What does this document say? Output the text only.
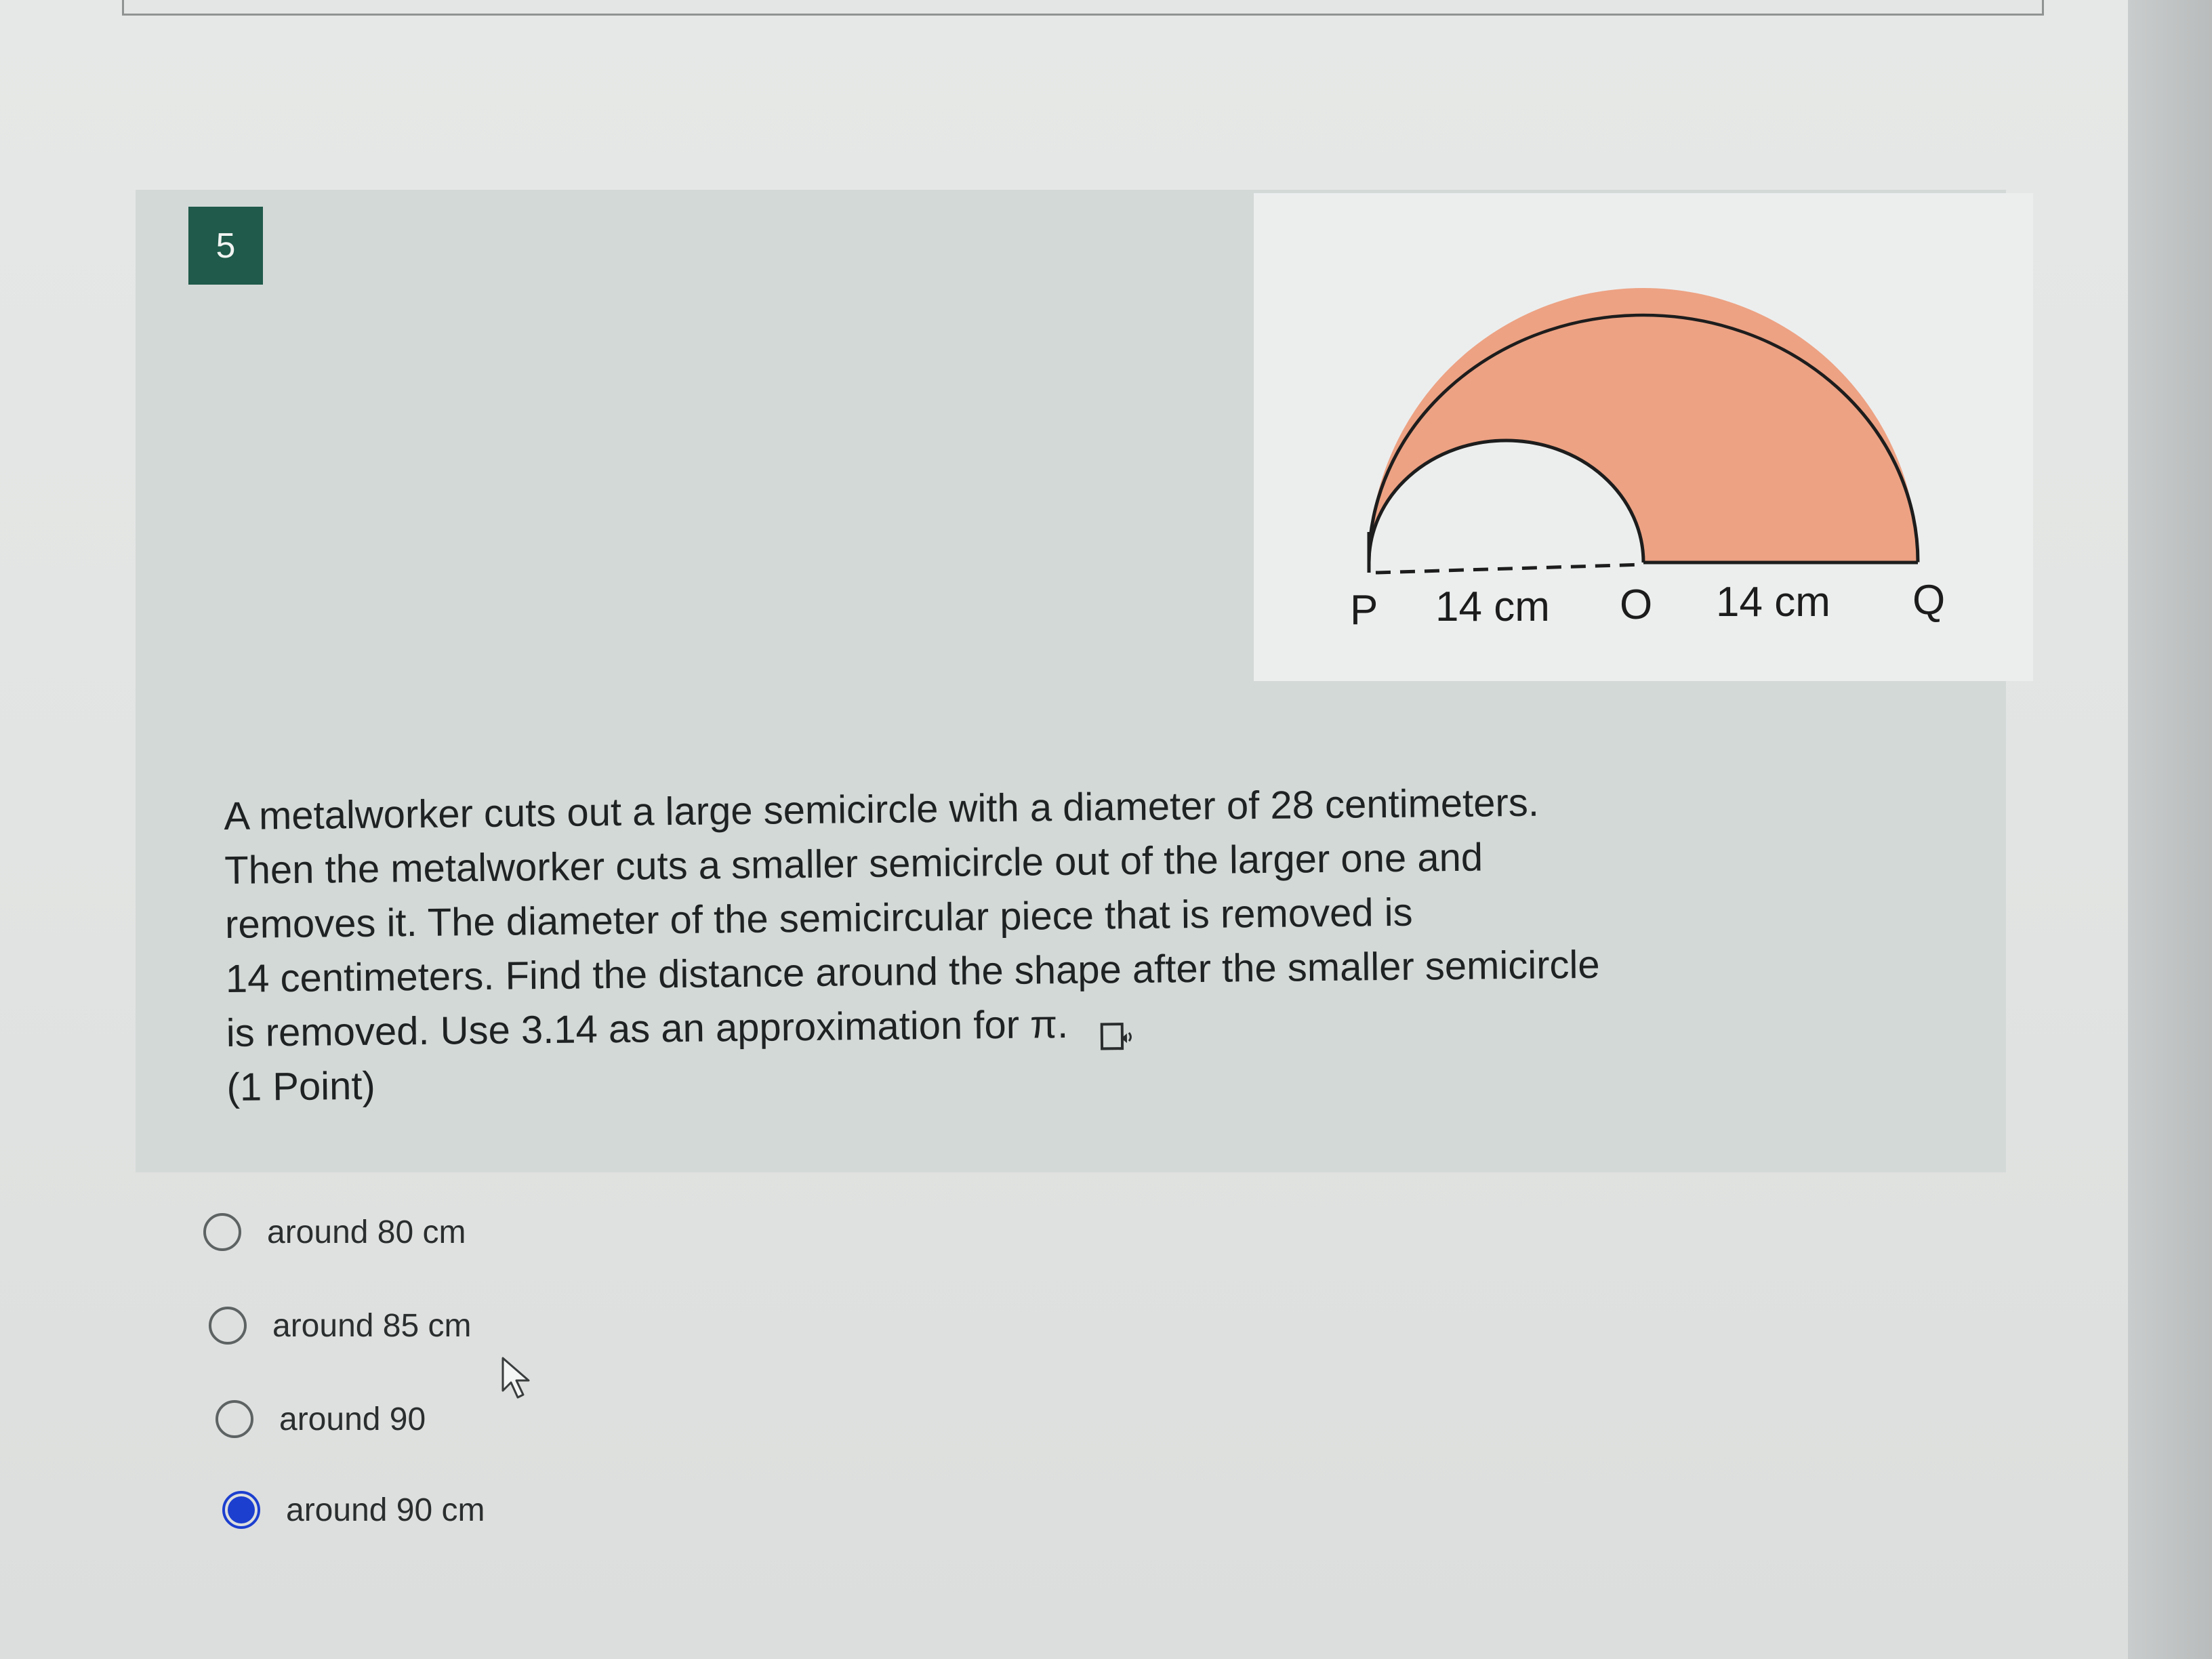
5
P 14 cm O 14 cm Q

A metalworker cuts out a large semicircle with a diameter of 28 centimeters.

Then the metalworker cuts a smaller semicircle out of the larger one and

removes it. The diameter of the semicircular piece that is removed is

14 centimeters. Find the distance around the shape after the smaller semicircle

is removed. Use 3.14 as an approximation for π.

(1 Point)

around 80 cm
around 85 cm
around 90
around 90 cm
